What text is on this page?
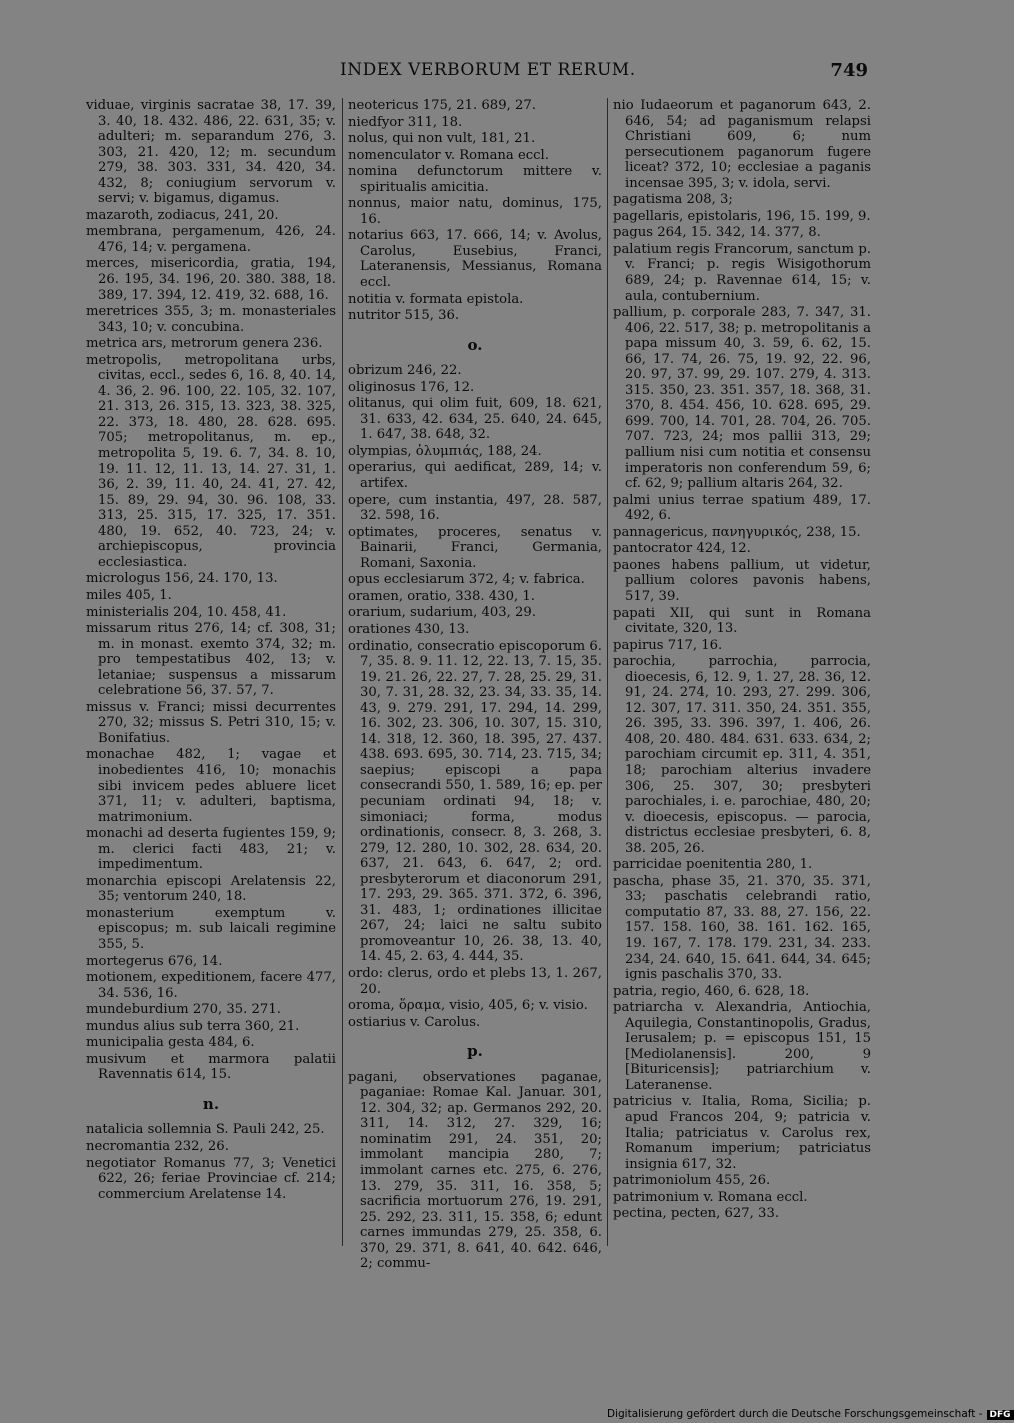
INDEX VERBORUM ET RERUM.	749
viduae, virginis sacratae 38, 17. 39, 3. 40, 18. 432. 486, 22. 631, 35; v. adulteri; m. separandum 276, 3. 303, 21. 420, 12; m. secundum 279, 38. 303. 331, 34. 420, 34. 432, 8; coniugium servorum v. servi; v. bigamus, digamus.
mazaroth, zodiacus, 241, 20.
membrana, pergamenum, 426, 24. 476, 14; v. pergamena.
merces, misericordia, gratia, 194, 26. 195, 34. 196, 20. 380. 388, 18. 389, 17. 394, 12. 419, 32. 688, 16.
meretrices 355, 3; m. monasteriales 343, 10; v. concubina.
metrica ars, metrorum genera 236.
metropolis, metropolitana urbs, civitas, eccl., sedes 6, 16. 8, 40. 14, 4. 36, 2. 96. 100, 22. 105, 32. 107, 21. 313, 26. 315, 13. 323, 38. 325, 22. 373, 18. 480, 28. 628. 695. 705; metropolitanus, m. ep., metropolita 5, 19. 6. 7, 34. 8. 10, 19. 11. 12, 11. 13, 14. 27. 31, 1. 36, 2. 39, 11. 40, 24. 41, 27. 42, 15. 89, 29. 94, 30. 96. 108, 33. 313, 25. 315, 17. 325, 17. 351. 480, 19. 652, 40. 723, 24; v. archiepiscopus, provincia ecclesiastica.
micrologus 156, 24. 170, 13.
miles 405, 1.
ministerialis 204, 10. 458, 41.
missarum ritus 276, 14; cf. 308, 31; m. in monast. exemto 374, 32; m. pro tempestatibus 402, 13; v. letaniae; suspensus a missarum celebratione 56, 37. 57, 7.
missus v. Franci; missi decurrentes 270, 32; missus S. Petri 310, 15; v. Bonifatius.
monachae 482, 1; vagae et inobedientes 416, 10; monachis sibi invicem pedes abluere licet 371, 11; v. adulteri, baptisma, matrimonium.
monachi ad deserta fugientes 159, 9; m. clerici facti 483, 21; v. impedimentum.
monarchia episcopi Arelatensis 22, 35; ventorum 240, 18.
monasterium exemptum v. episcopus; m. sub laicali regimine 355, 5.
mortegerus 676, 14.
motionem, expeditionem, facere 477, 34. 536, 16.
mundeburdium 270, 35. 271.
mundus alius sub terra 360, 21.
municipalia gesta 484, 6.
musivum et marmora palatii Ravennatis 614, 15.
n.
natalicia sollemnia S. Pauli 242, 25.
necromantia 232, 26.
negotiator Romanus 77, 3; Venetici 622, 26; feriae Provinciae cf. 214; commercium Arelatense 14.
neotericus 175, 21. 689, 27.
niedfyor 311, 18.
nolus, qui non vult, 181, 21.
nomenculator v. Romana eccl.
nomina defunctorum mittere v. spiritualis amicitia.
nonnus, maior natu, dominus, 175, 16.
notarius 663, 17. 666, 14; v. Avolus, Carolus, Eusebius, Franci, Lateranensis, Messianus, Romana eccl.
notitia v. formata epistola.
nutritor 515, 36.
o.
obrizum 246, 22.
oliginosus 176, 12.
olitanus, qui olim fuit, 609, 18. 621, 31. 633, 42. 634, 25. 640, 24. 645, 1. 647, 38. 648, 32.
olympias, ὀλυμπιάς, 188, 24.
operarius, qui aedificat, 289, 14; v. artifex.
opere, cum instantia, 497, 28. 587, 32. 598, 16.
optimates, proceres, senatus v. Bainarii, Franci, Germania, Romani, Saxonia.
opus ecclesiarum 372, 4; v. fabrica.
oramen, oratio, 338. 430, 1.
orarium, sudarium, 403, 29.
orationes 430, 13.
ordinatio, consecratio episcoporum 6. 7, 35. 8. 9. 11. 12, 22. 13, 7. 15, 35. 19. 21. 26, 22. 27, 7. 28, 25. 29, 31. 30, 7. 31, 28. 32, 23. 34, 33. 35, 14. 43, 9. 279. 291, 17. 294, 14. 299, 16. 302, 23. 306, 10. 307, 15. 310, 14. 318, 12. 360, 18. 395, 27. 437. 438. 693. 695, 30. 714, 23. 715, 34; saepius; episcopi a papa consecrandi 550, 1. 589, 16; ep. per pecuniam ordinati 94, 18; v. simoniaci; forma, modus ordinationis, consecr. 8, 3. 268, 3. 279, 12. 280, 10. 302, 28. 634, 20. 637, 21. 643, 6. 647, 2; ord. presbyterorum et diaconorum 291, 17. 293, 29. 365. 371. 372, 6. 396, 31. 483, 1; ordinationes illicitae 267, 24; laici ne saltu subito promoveantur 10, 26. 38, 13. 40, 14. 45, 2. 63, 4. 444, 35.
ordo: clerus, ordo et plebs 13, 1. 267, 20.
oroma, ὅραμα, visio, 405, 6; v. visio.
ostiarius v. Carolus.
p.
pagani, observationes paganae, paganiae: Romae Kal. Januar. 301, 12. 304, 32; ap. Germanos 292, 20. 311, 14. 312, 27. 329, 16; nominatim 291, 24. 351, 20; immolant mancipia 280, 7; immolant carnes etc. 275, 6. 276, 13. 279, 35. 311, 16. 358, 5; sacrificia mortuorum 276, 19. 291, 25. 292, 23. 311, 15. 358, 6; edunt carnes immundas 279, 25. 358, 6. 370, 29. 371, 8. 641, 40. 642. 646, 2; commu-
nio Iudaeorum et paganorum 643, 2. 646, 54; ad paganismum relapsi Christiani 609, 6; num persecutionem paganorum fugere liceat? 372, 10; ecclesiae a paganis incensae 395, 3; v. idola, servi.
pagatisma 208, 3;
pagellaris, epistolaris, 196, 15. 199, 9.
pagus 264, 15. 342, 14. 377, 8.
palatium regis Francorum, sanctum p. v. Franci; p. regis Wisigothorum 689, 24; p. Ravennae 614, 15; v. aula, contubernium.
pallium, p. corporale 283, 7. 347, 31. 406, 22. 517, 38; p. metropolitanis a papa missum 40, 3. 59, 6. 62, 15. 66, 17. 74, 26. 75, 19. 92, 22. 96, 20. 97, 37. 99, 29. 107. 279, 4. 313. 315. 350, 23. 351. 357, 18. 368, 31. 370, 8. 454. 456, 10. 628. 695, 29. 699. 700, 14. 701, 28. 704, 26. 705. 707. 723, 24; mos pallii 313, 29; pallium nisi cum notitia et consensu imperatoris non conferendum 59, 6; cf. 62, 9; pallium altaris 264, 32.
palmi unius terrae spatium 489, 17. 492, 6.
pannagericus, πανηγυρικός, 238, 15.
pantocrator 424, 12.
paones habens pallium, ut videtur, pallium colores pavonis habens, 517, 39.
papati XII, qui sunt in Romana civitate, 320, 13.
papirus 717, 16.
parochia, parrochia, parrocia, dioecesis, 6, 12. 9, 1. 27, 28. 36, 12. 91, 24. 274, 10. 293, 27. 299. 306, 12. 307, 17. 311. 350, 24. 351. 355, 26. 395, 33. 396. 397, 1. 406, 26. 408, 20. 480. 484. 631. 633. 634, 2; parochiam circumit ep. 311, 4. 351, 18; parochiam alterius invadere 306, 25. 307, 30; presbyteri parochiales, i. e. parochiae, 480, 20; v. dioecesis, episcopus. — parocia, districtus ecclesiae presbyteri, 6. 8, 38. 205, 26.
parricidae poenitentia 280, 1.
pascha, phase 35, 21. 370, 35. 371, 33; paschatis celebrandi ratio, computatio 87, 33. 88, 27. 156, 22. 157. 158. 160, 38. 161. 162. 165, 19. 167, 7. 178. 179. 231, 34. 233. 234, 24. 640, 15. 641. 644, 34. 645; ignis paschalis 370, 33.
patria, regio, 460, 6. 628, 18.
patriarcha v. Alexandria, Antiochia, Aquilegia, Constantinopolis, Gradus, Ierusalem; p. = episcopus 151, 15 [Mediolanensis]. 200, 9 [Bituricensis]; patriarchium v. Lateranense.
patricius v. Italia, Roma, Sicilia; p. apud Francos 204, 9; patricia v. Italia; patriciatus v. Carolus rex, Romanum imperium; patriciatus insignia 617, 32.
patrimoniolum 455, 26.
patrimonium v. Romana eccl.
pectina, pecten, 627, 33.
Digitalisierung gefördert durch die Deutsche Forschungsgemeinschaft - DFG
